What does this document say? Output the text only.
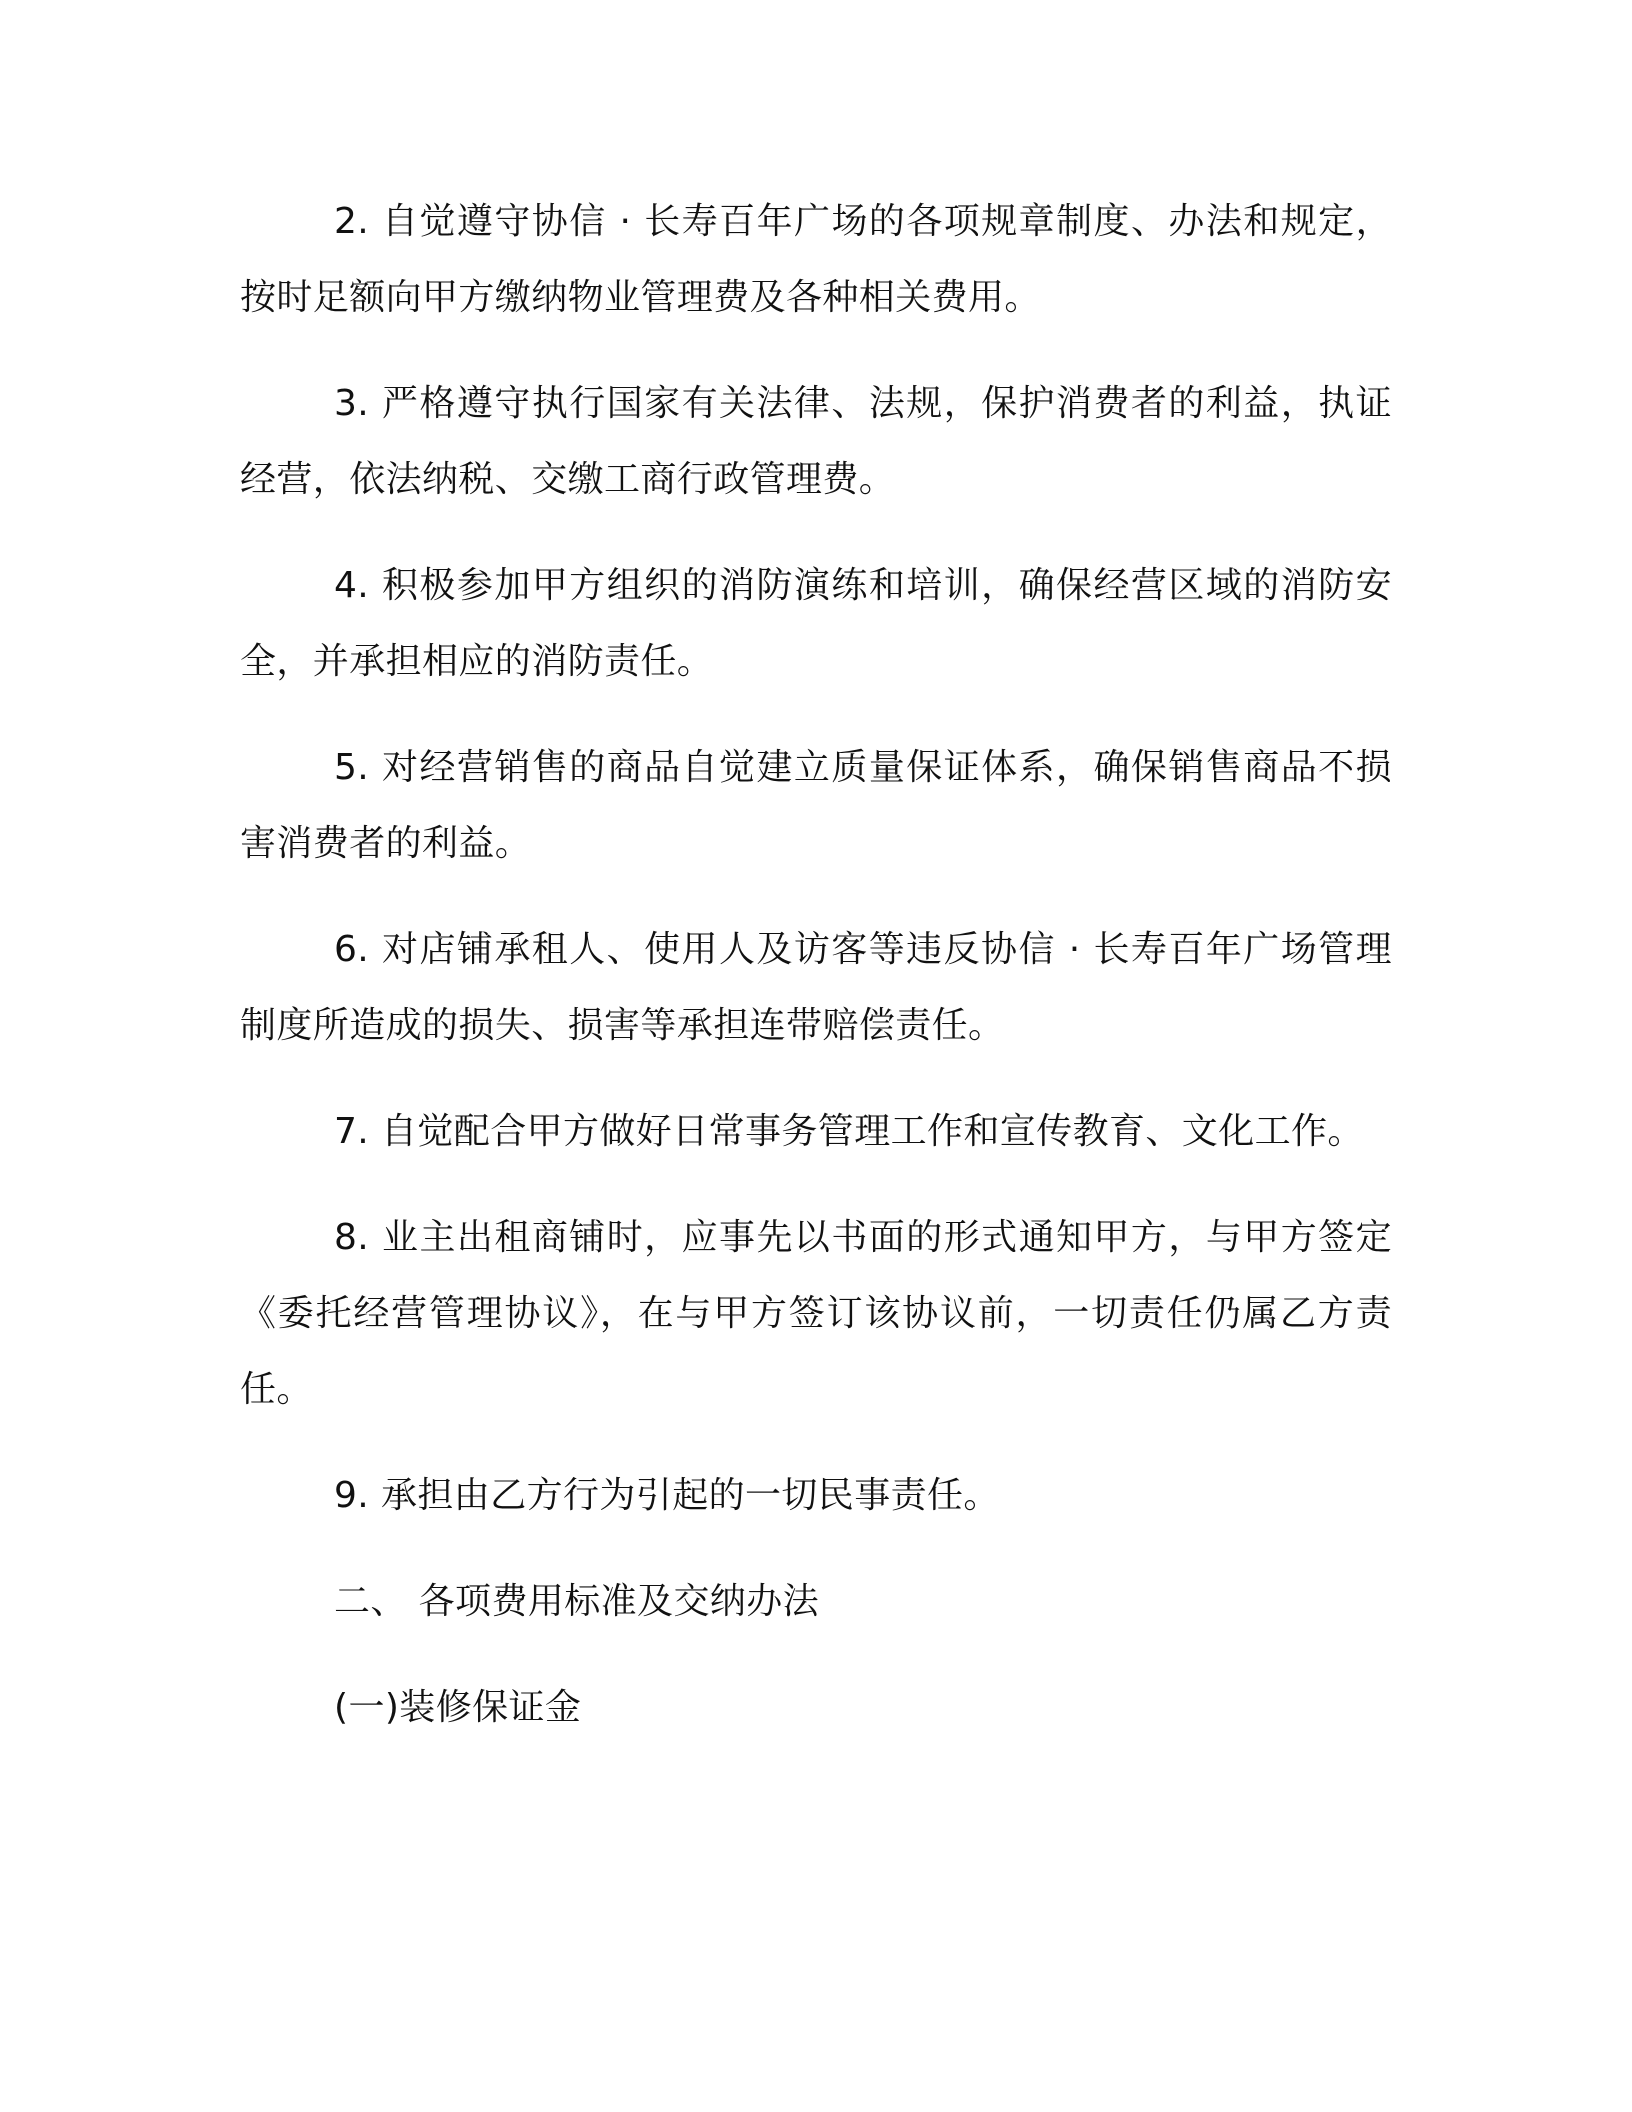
2. 自觉遵守协信 · 长寿百年广场的各项规章制度、办法和规定，按时足额向甲方缴纳物业管理费及各种相关费用。

3. 严格遵守执行国家有关法律、法规，保护消费者的利益，执证经营，依法纳税、交缴工商行政管理费。

4. 积极参加甲方组织的消防演练和培训，确保经营区域的消防安全，并承担相应的消防责任。

5. 对经营销售的商品自觉建立质量保证体系，确保销售商品不损害消费者的利益。

6. 对店铺承租人、使用人及访客等违反协信 · 长寿百年广场管理制度所造成的损失、损害等承担连带赔偿责任。

7. 自觉配合甲方做好日常事务管理工作和宣传教育、文化工作。

8. 业主出租商铺时，应事先以书面的形式通知甲方，与甲方签定《委托经营管理协议》，在与甲方签订该协议前，一切责任仍属乙方责任。

9. 承担由乙方行为引起的一切民事责任。

二、 各项费用标准及交纳办法

(一)装修保证金
